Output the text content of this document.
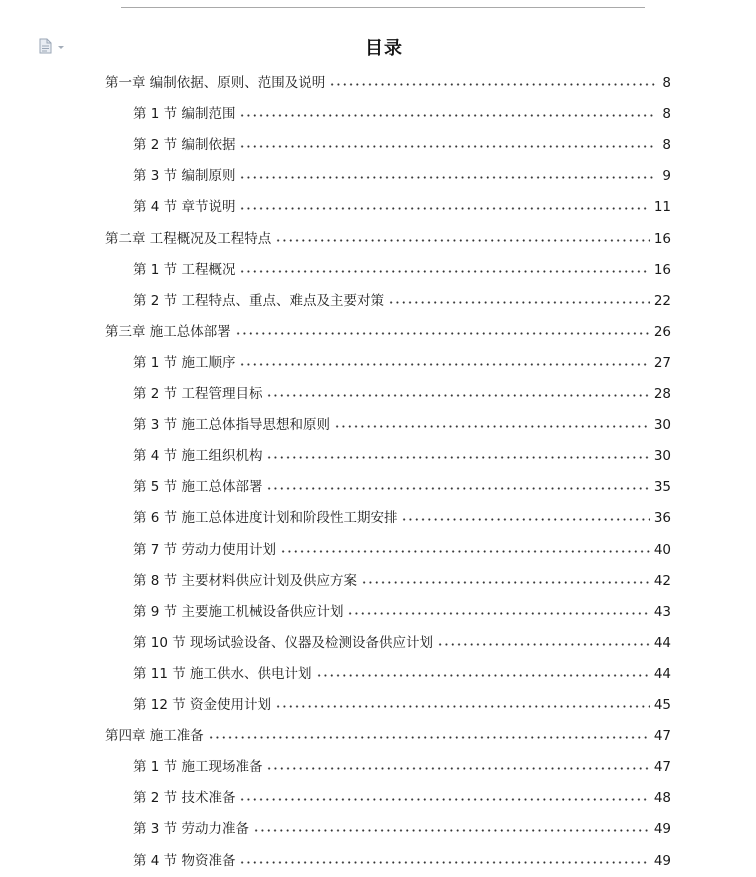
目录
第一章 编制依据、原则、范围及说明	8
第 1 节 编制范围	8
第 2 节 编制依据	8
第 3 节 编制原则	9
第 4 节 章节说明	11
第二章 工程概况及工程特点	16
第 1 节 工程概况	16
第 2 节 工程特点、重点、难点及主要对策	22
第三章 施工总体部署	26
第 1 节 施工顺序	27
第 2 节 工程管理目标	28
第 3 节 施工总体指导思想和原则	30
第 4 节 施工组织机构	30
第 5 节 施工总体部署	35
第 6 节 施工总体进度计划和阶段性工期安排	36
第 7 节 劳动力使用计划	40
第 8 节 主要材料供应计划及供应方案	42
第 9 节 主要施工机械设备供应计划	43
第 10 节 现场试验设备、仪器及检测设备供应计划	44
第 11 节 施工供水、供电计划	44
第 12 节 资金使用计划	45
第四章 施工准备	47
第 1 节 施工现场准备	47
第 2 节 技术准备	48
第 3 节 劳动力准备	49
第 4 节 物资准备	49
